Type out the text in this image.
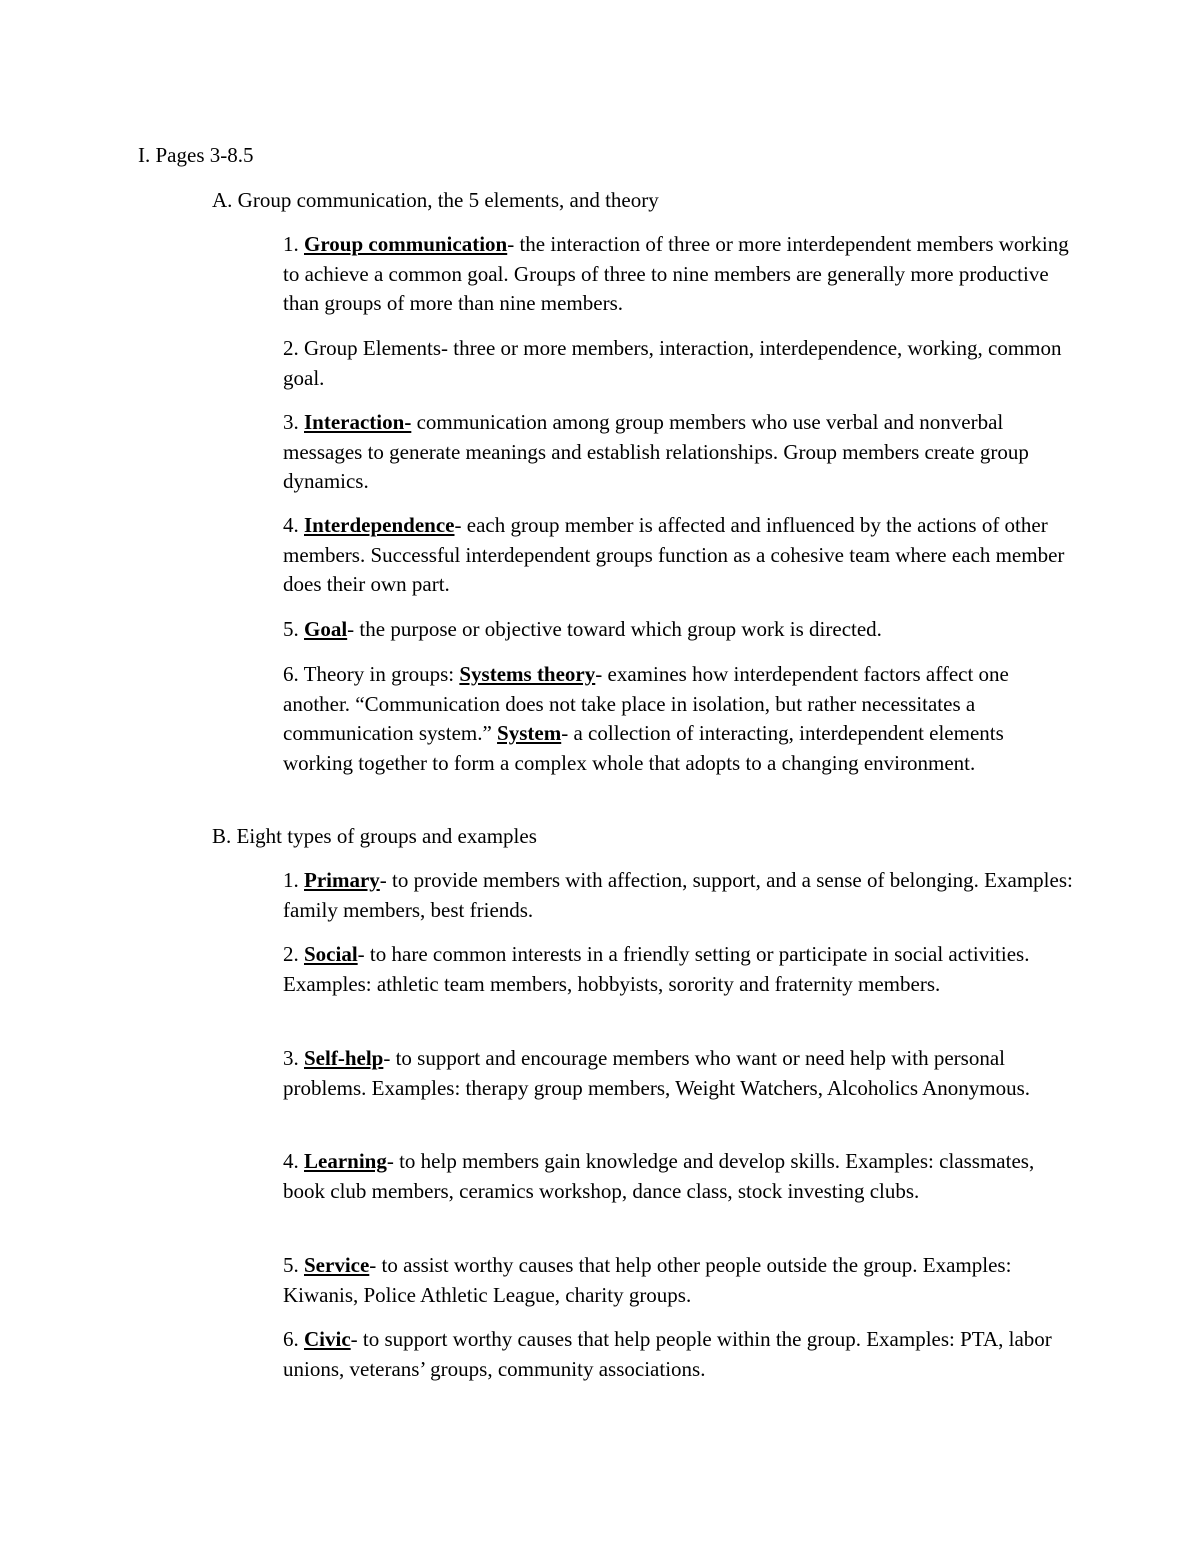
I. Pages 3-8.5
A. Group communication, the 5 elements, and theory
1. Group communication- the interaction of three or more interdependent members working to achieve a common goal. Groups of three to nine members are generally more productive than groups of more than nine members.
2. Group Elements- three or more members, interaction, interdependence, working, common goal.
3. Interaction- communication among group members who use verbal and nonverbal messages to generate meanings and establish relationships. Group members create group dynamics.
4. Interdependence- each group member is affected and influenced by the actions of other members. Successful interdependent groups function as a cohesive team where each member does their own part.
5. Goal- the purpose or objective toward which group work is directed.
6. Theory in groups: Systems theory- examines how interdependent factors affect one another. “Communication does not take place in isolation, but rather necessitates a communication system.” System- a collection of interacting, interdependent elements working together to form a complex whole that adopts to a changing environment.
B. Eight types of groups and examples
1. Primary- to provide members with affection, support, and a sense of belonging. Examples: family members, best friends.
2. Social- to hare common interests in a friendly setting or participate in social activities. Examples: athletic team members, hobbyists, sorority and fraternity members.
3. Self-help- to support and encourage members who want or need help with personal problems. Examples: therapy group members, Weight Watchers, Alcoholics Anonymous.
4. Learning- to help members gain knowledge and develop skills. Examples: classmates, book club members, ceramics workshop, dance class, stock investing clubs.
5. Service- to assist worthy causes that help other people outside the group. Examples: Kiwanis, Police Athletic League, charity groups.
6. Civic- to support worthy causes that help people within the group. Examples: PTA, labor unions, veterans’ groups, community associations.
